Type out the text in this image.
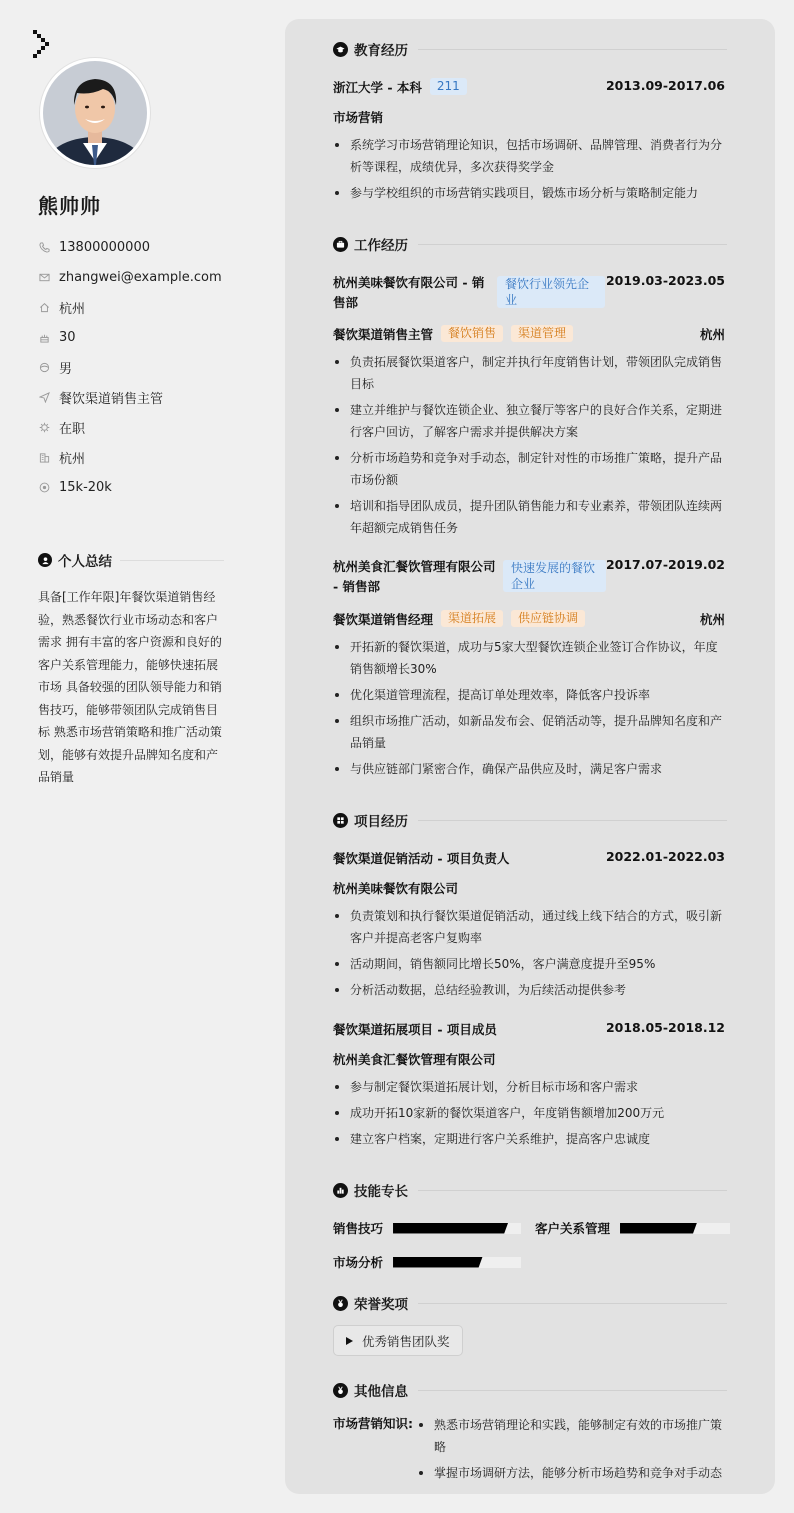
熊帅帅
13800000000
zhangwei@example.com
杭州
30
男
餐饮渠道销售主管
在职
杭州
15k-20k
个人总结
具备[工作年限]年餐饮渠道销售经验，熟悉餐饮行业市场动态和客户需求 拥有丰富的客户资源和良好的客户关系管理能力，能够快速拓展市场 具备较强的团队领导能力和销售技巧，能够带领团队完成销售目标 熟悉市场营销策略和推广活动策划，能够有效提升品牌知名度和产品销量
教育经历
浙江大学 - 本科 211	2013.09-2017.06
市场营销
系统学习市场营销理论知识，包括市场调研、品牌管理、消费者行为分析等课程，成绩优异，多次获得奖学金
参与学校组织的市场营销实践项目，锻炼市场分析与策略制定能力
工作经历
杭州美味餐饮有限公司 - 销售部
餐饮行业领先企业
2019.03-2023.05
餐饮渠道销售主管 餐饮销售 渠道管理	杭州
负责拓展餐饮渠道客户，制定并执行年度销售计划，带领团队完成销售目标
建立并维护与餐饮连锁企业、独立餐厅等客户的良好合作关系，定期进行客户回访，了解客户需求并提供解决方案
分析市场趋势和竞争对手动态，制定针对性的市场推广策略，提升产品市场份额
培训和指导团队成员，提升团队销售能力和专业素养，带领团队连续两年超额完成销售任务
杭州美食汇餐饮管理有限公司 - 销售部
快速发展的餐饮企业
2017.07-2019.02
餐饮渠道销售经理 渠道拓展 供应链协调	杭州
开拓新的餐饮渠道，成功与5家大型餐饮连锁企业签订合作协议，年度销售额增长30%
优化渠道管理流程，提高订单处理效率，降低客户投诉率
组织市场推广活动，如新品发布会、促销活动等，提升品牌知名度和产品销量
与供应链部门紧密合作，确保产品供应及时，满足客户需求
项目经历
餐饮渠道促销活动 - 项目负责人	2022.01-2022.03
杭州美味餐饮有限公司
负责策划和执行餐饮渠道促销活动，通过线上线下结合的方式，吸引新客户并提高老客户复购率
活动期间，销售额同比增长50%，客户满意度提升至95%
分析活动数据，总结经验教训，为后续活动提供参考
餐饮渠道拓展项目 - 项目成员	2018.05-2018.12
杭州美食汇餐饮管理有限公司
参与制定餐饮渠道拓展计划，分析目标市场和客户需求
成功开拓10家新的餐饮渠道客户，年度销售额增加200万元
建立客户档案，定期进行客户关系维护，提高客户忠诚度
技能专长
销售技巧	客户关系管理
市场分析
荣誉奖项
优秀销售团队奖
其他信息
市场营销知识:	熟悉市场营销理论和实践，能够制定有效的市场推广策略
掌握市场调研方法，能够分析市场趋势和竞争对手动态
